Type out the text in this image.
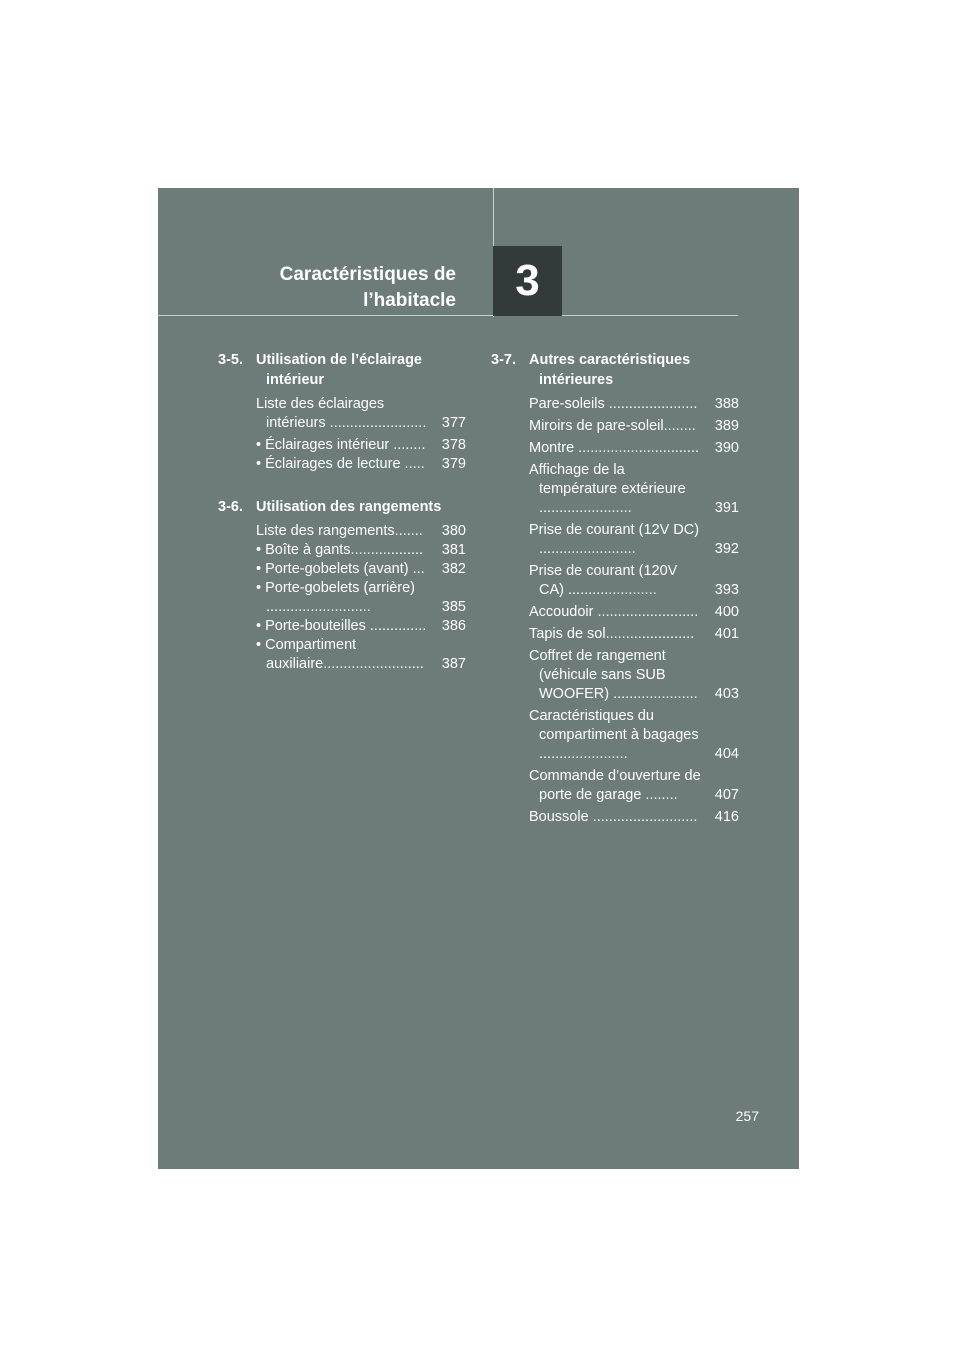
Caractéristiques de
l’habitacle 3
3-5. Utilisation de l’éclairage intérieur
Liste des éclairages intérieurs ........................	377
• Éclairages intérieur ........	378
• Éclairages de lecture .....	379
3-6. Utilisation des rangements
Liste des rangements.......	380
• Boîte à gants..................	381
• Porte-gobelets (avant) ...	382
• Porte-gobelets (arrière) ..........................	385
• Porte-bouteilles ..............	386
• Compartiment auxiliaire.........................	387
3-7. Autres caractéristiques intérieures
Pare-soleils ......................	388
Miroirs de pare-soleil........	389
Montre ..............................	390
Affichage de la température extérieure .......................	391
Prise de courant (12V DC) ........................	392
Prise de courant (120V CA) ......................	393
Accoudoir .........................	400
Tapis de sol......................	401
Coffret de rangement (véhicule sans SUB WOOFER) .....................	403
Caractéristiques du compartiment à bagages ......................	404
Commande d’ouverture de porte de garage ........	407
Boussole ..........................	416
257
